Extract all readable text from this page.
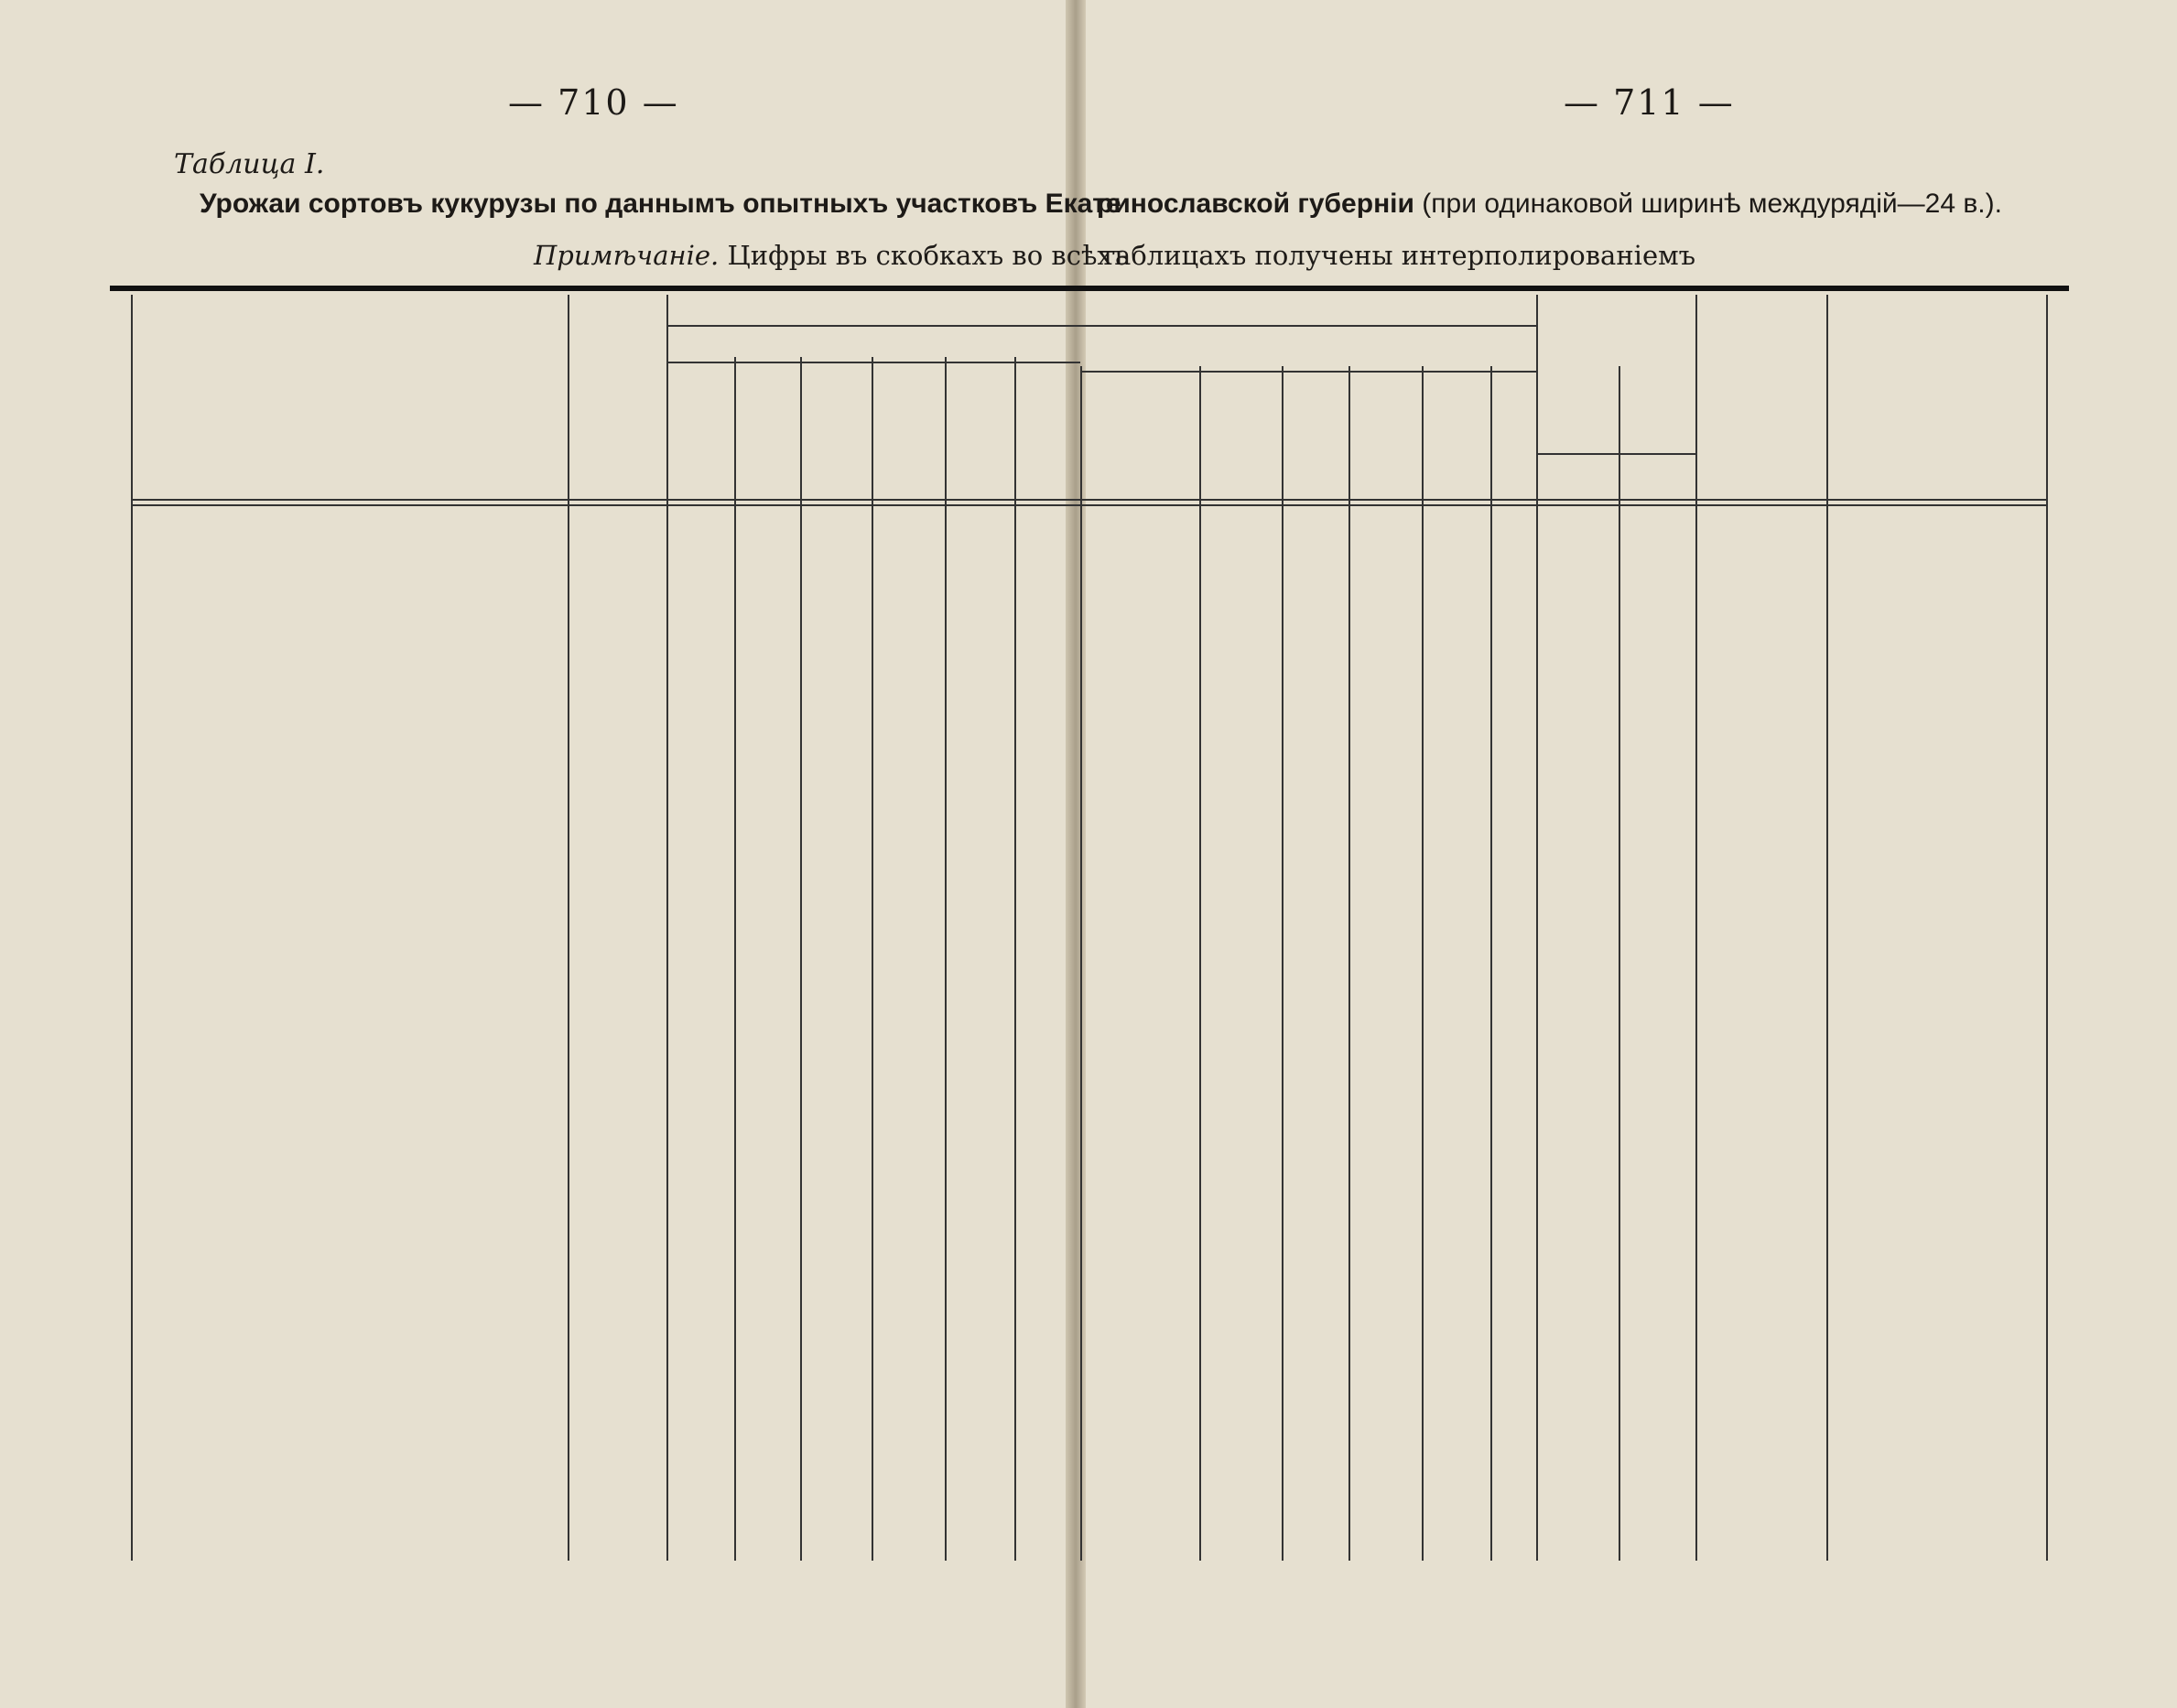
— 710 —	— 711 —
Таблица I.
Урожаи сортовъ кукурузы по даннымъ опытныхъ участковъ Екате
ринославской губерніи (при одинаковой ширинѣ междурядій—24 в.).
Примѣчаніе. Цифры въ скобкахъ во всѣхъ
таблицахъ получены интерполированіемъ
